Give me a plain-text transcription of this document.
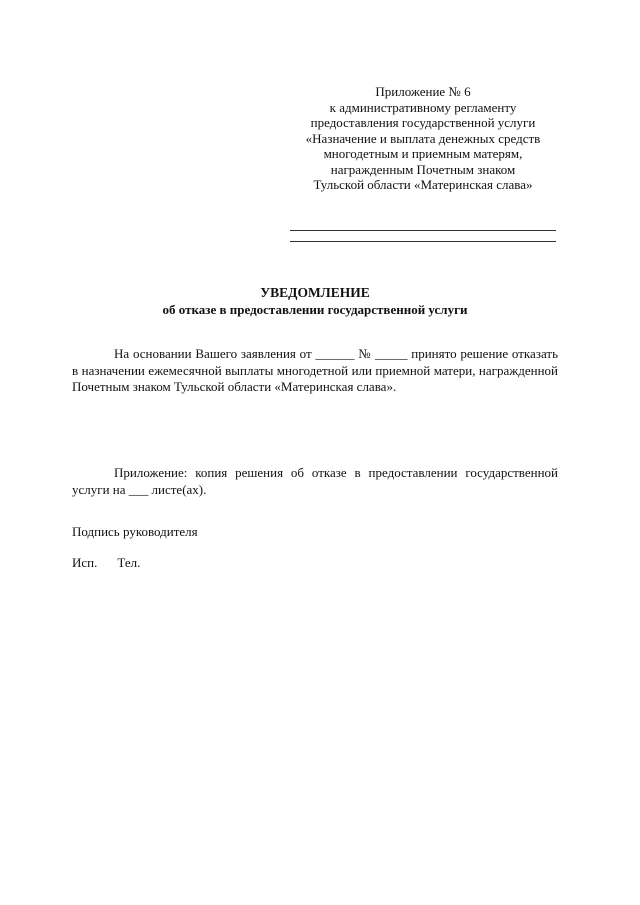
Приложение № 6
к административному регламенту
предоставления государственной услуги
«Назначение и выплата денежных средств
многодетным и приемным матерям,
награжденным Почетным знаком
Тульской области «Материнская слава»
УВЕДОМЛЕНИЕ
об отказе в предоставлении государственной услуги
На основании Вашего заявления от ______ № _____ принято решение отказать в назначении ежемесячной выплаты многодетной или приемной матери, награжденной Почетным знаком Тульской области «Материнская слава».
Приложение: копия решения об отказе в предоставлении государственной услуги на ___ листе(ах).
Подпись руководителя
Исп. Тел.
